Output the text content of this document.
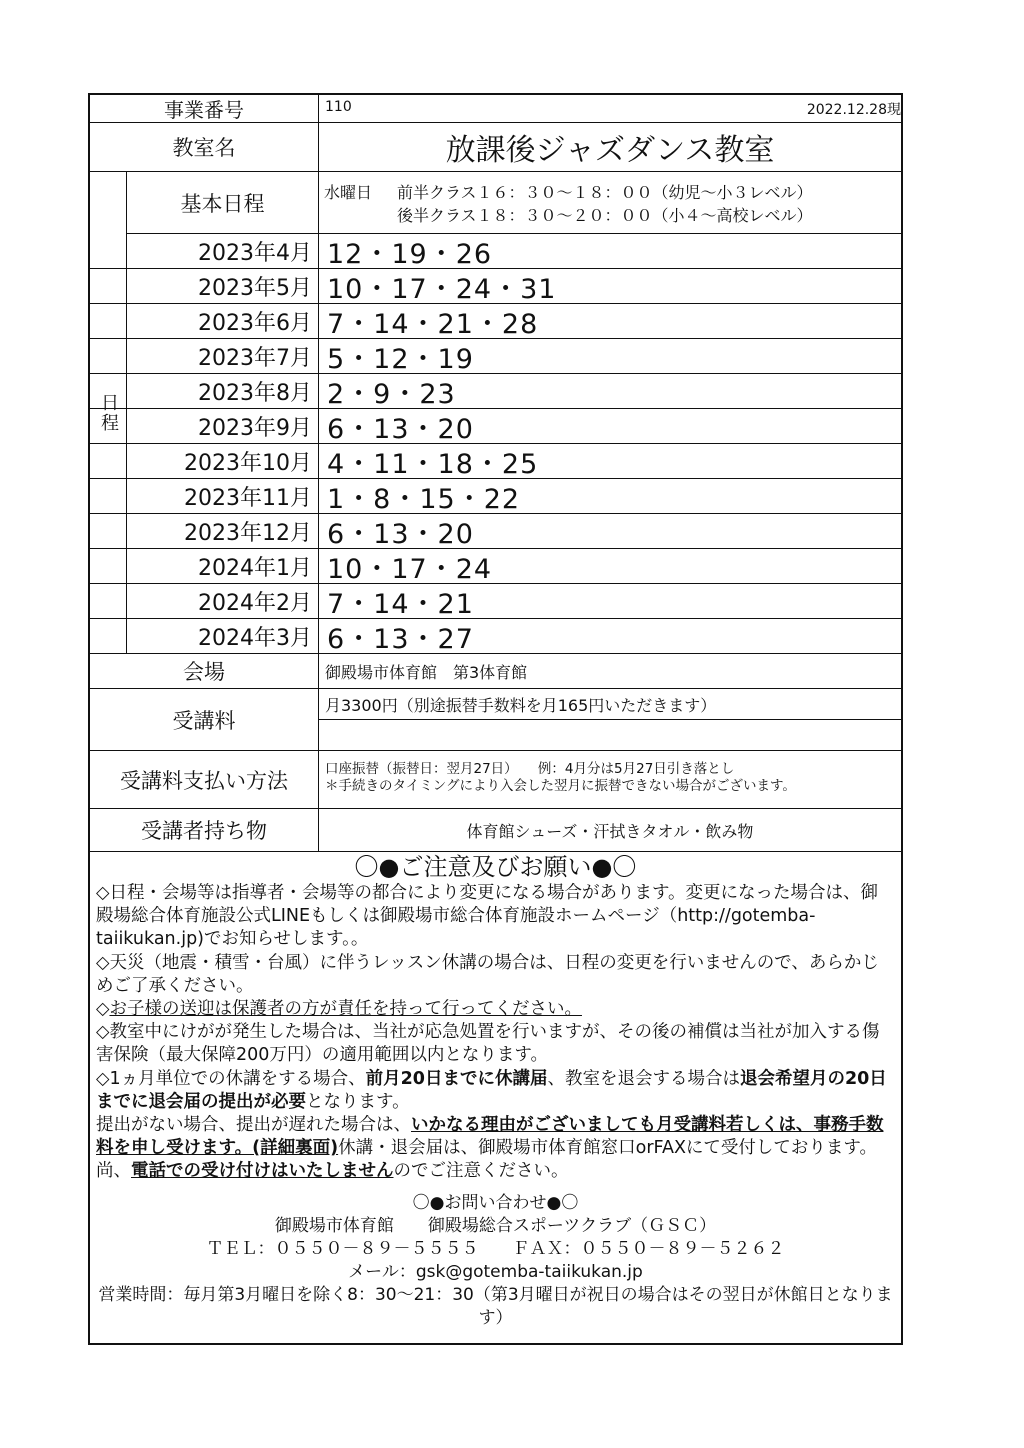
事業番号	110	2022.12.28現
教室名	放課後ジャズダンス教室
日程
基本日程	水曜日 前半クラス１６：３０～１８：００（幼児～小３レベル）
後半クラス１８：３０～２０：００（小４～高校レベル）
2023年4月 12・19・26
2023年5月 10・17・24・31
2023年6月 7・14・21・28
2023年7月 5・12・19
2023年8月 2・9・23
2023年9月 6・13・20
2023年10月 4・11・18・25
2023年11月 1・8・15・22
2023年12月 6・13・20
2024年1月 10・17・24
2024年2月 7・14・21
2024年3月 6・13・27
会場	御殿場市体育館　第3体育館
受講料
月3300円（別途振替手数料を月165円いただきます）
受講料支払い方法	口座振替（振替日：翌月27日）　　例：4月分は5月27日引き落とし
＊手続きのタイミングにより入会した翌月に振替できない場合がございます。
受講者持ち物	体育館シューズ・汗拭きタオル・飲み物
〇●ご注意及びお願い●〇

◇日程・会場等は指導者・会場等の都合により変更になる場合があります。変更になった場合は、御殿場総合体育施設公式LINEもしくは御殿場市総合体育施設ホームページ（http://gotemba-taiikukan.jp)でお知らせします。。

◇天災（地震・積雪・台風）に伴うレッスン休講の場合は、日程の変更を行いませんので、あらかじめご了承ください。

◇お子様の送迎は保護者の方が責任を持って行ってください。

◇教室中にけがが発生した場合は、当社が応急処置を行いますが、その後の補償は当社が加入する傷害保険（最大保障200万円）の適用範囲以内となります。

◇1ヵ月単位での休講をする場合、前月20日までに休講届、教室を退会する場合は退会希望月の20日までに退会届の提出が必要となります。

提出がない場合、提出が遅れた場合は、いかなる理由がございましても月受講料若しくは、事務手数料を申し受けます。(詳細裏面)休講・退会届は、御殿場市体育館窓口orFAXにて受付しております。尚、電話での受け付けはいたしませんのでご注意ください。

〇●お問い合わせ●〇
御殿場市体育館　　御殿場総合スポーツクラブ（ＧＳＣ）
ＴＥＬ：０５５０－８９－５５５５　　ＦＡＸ：０５５０－８９－５２６２
メール：gsk@gotemba-taiikukan.jp
営業時間：毎月第3月曜日を除く8：30～21：30（第3月曜日が祝日の場合はその翌日が休館日となります）
